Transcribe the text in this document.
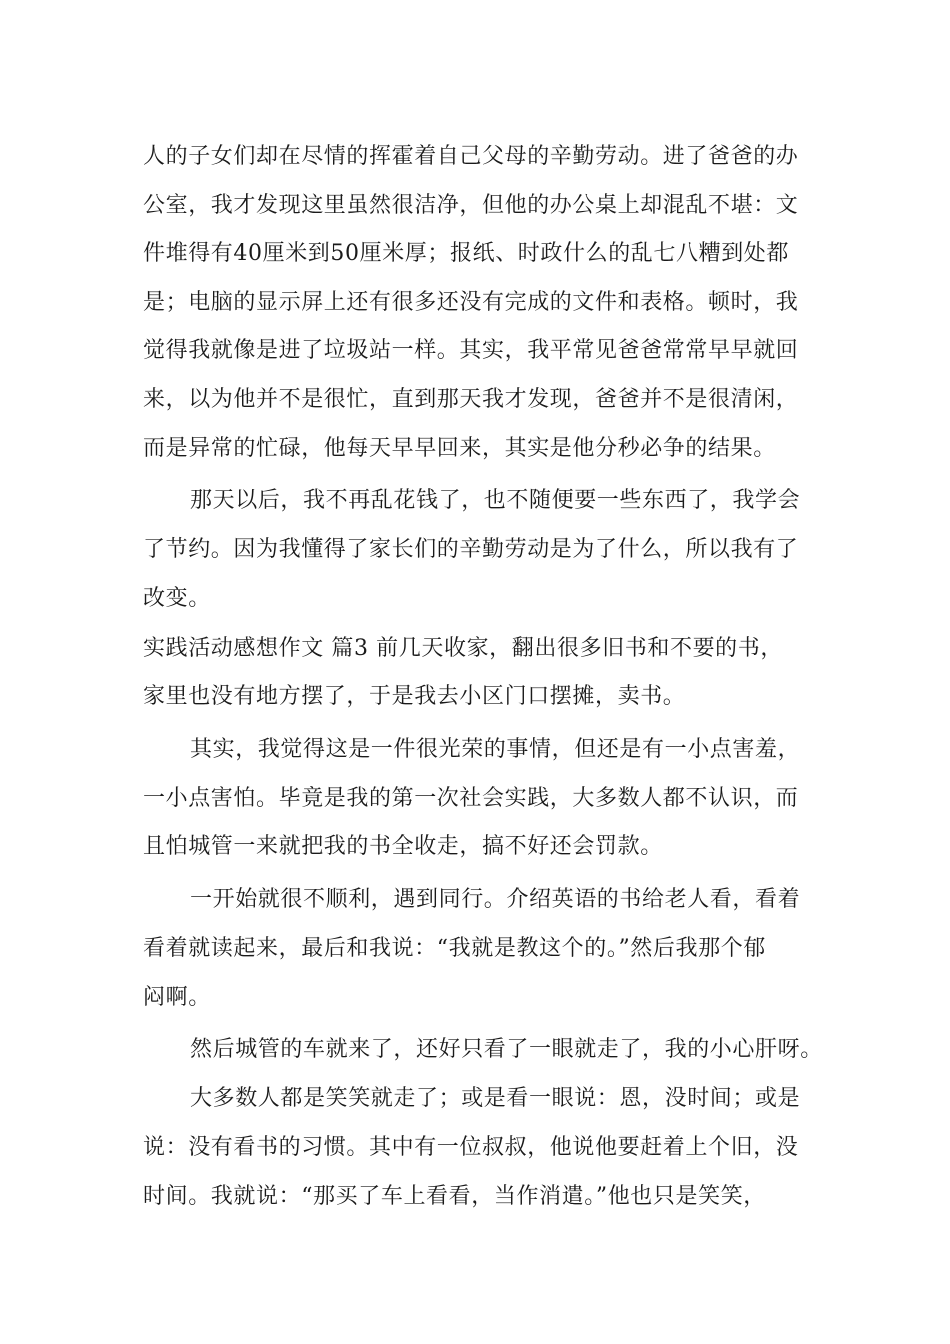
人的子女们却在尽情的挥霍着自己父母的辛勤劳动。进了爸爸的办
公室，我才发现这里虽然很洁净，但他的办公桌上却混乱不堪：文
件堆得有40厘米到50厘米厚；报纸、时政什么的乱七八糟到处都
是；电脑的显示屏上还有很多还没有完成的文件和表格。顿时，我
觉得我就像是进了垃圾站一样。其实，我平常见爸爸常常早早就回
来，以为他并不是很忙，直到那天我才发现，爸爸并不是很清闲，
而是异常的忙碌，他每天早早回来，其实是他分秒必争的结果。
那天以后，我不再乱花钱了，也不随便要一些东西了，我学会
了节约。因为我懂得了家长们的辛勤劳动是为了什么，所以我有了
改变。
实践活动感想作文 篇3 前几天收家，翻出很多旧书和不要的书，
家里也没有地方摆了，于是我去小区门口摆摊，卖书。
其实，我觉得这是一件很光荣的事情，但还是有一小点害羞，
一小点害怕。毕竟是我的第一次社会实践，大多数人都不认识，而
且怕城管一来就把我的书全收走，搞不好还会罚款。
一开始就很不顺利，遇到同行。介绍英语的书给老人看，看着
看着就读起来，最后和我说：“我就是教这个的。”然后我那个郁
闷啊。
然后城管的车就来了，还好只看了一眼就走了，我的小心肝呀。
大多数人都是笑笑就走了；或是看一眼说：恩，没时间；或是
说：没有看书的习惯。其中有一位叔叔，他说他要赶着上个旧，没
时间。我就说：“那买了车上看看，当作消遣。”他也只是笑笑，
